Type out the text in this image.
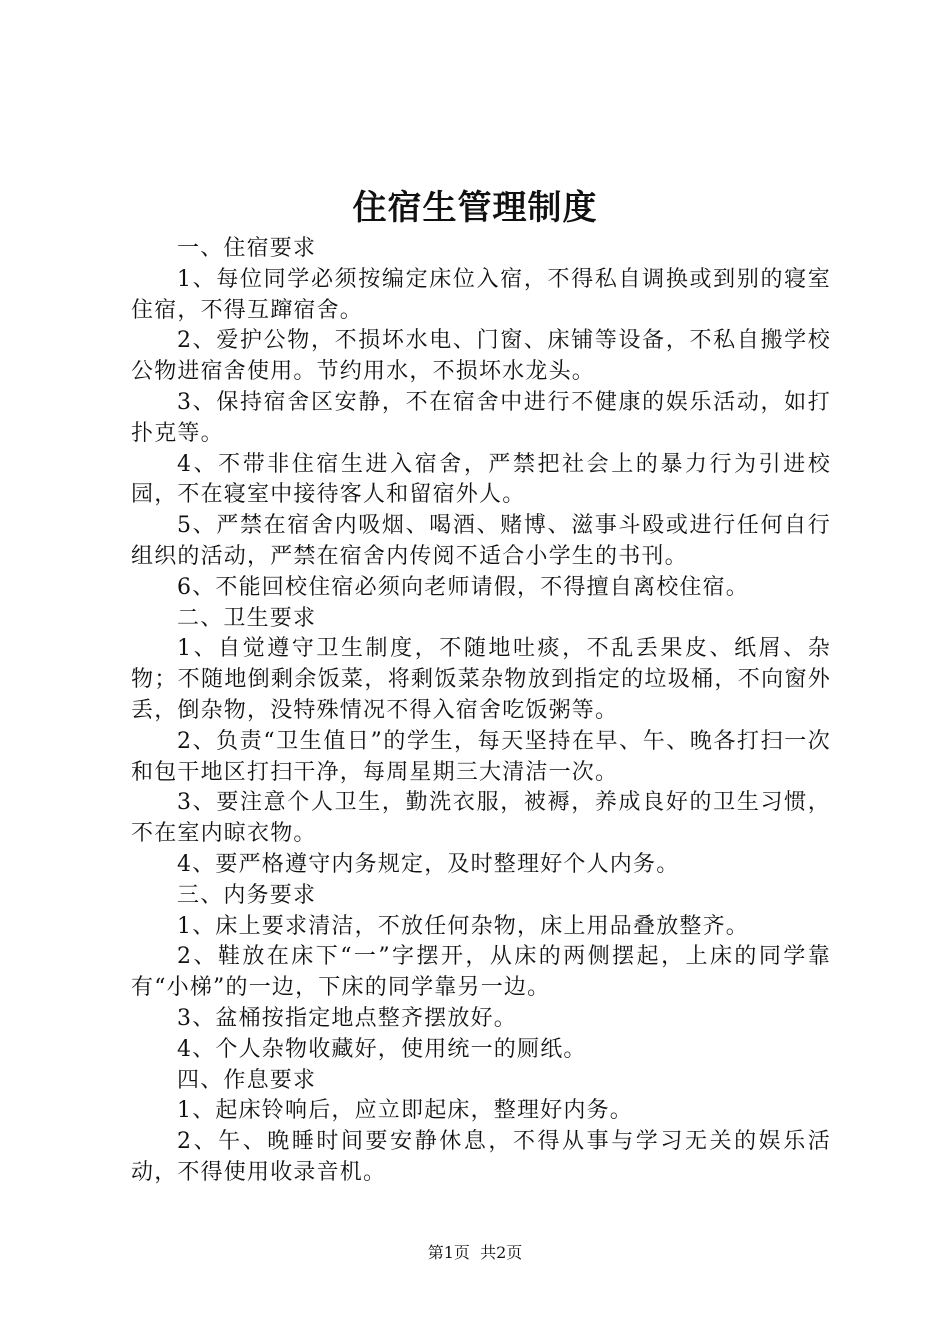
住宿生管理制度

一、住宿要求

1、每位同学必须按编定床位入宿，不得私自调换或到别的寝室住宿，不得互蹿宿舍。

2、爱护公物，不损坏水电、门窗、床铺等设备，不私自搬学校公物进宿舍使用。节约用水，不损坏水龙头。

3、保持宿舍区安静，不在宿舍中进行不健康的娱乐活动，如打扑克等。

4、不带非住宿生进入宿舍，严禁把社会上的暴力行为引进校园，不在寝室中接待客人和留宿外人。

5、严禁在宿舍内吸烟、喝酒、赌博、滋事斗殴或进行任何自行组织的活动，严禁在宿舍内传阅不适合小学生的书刊。

6、不能回校住宿必须向老师请假，不得擅自离校住宿。

二、卫生要求

1、自觉遵守卫生制度，不随地吐痰，不乱丢果皮、纸屑、杂物；不随地倒剩余饭菜，将剩饭菜杂物放到指定的垃圾桶，不向窗外丢，倒杂物，没特殊情况不得入宿舍吃饭粥等。

2、负责“卫生值日”的学生，每天坚持在早、午、晚各打扫一次和包干地区打扫干净，每周星期三大清洁一次。

3、要注意个人卫生，勤洗衣服，被褥，养成良好的卫生习惯，不在室内晾衣物。

4、要严格遵守内务规定，及时整理好个人内务。

三、内务要求

1、床上要求清洁，不放任何杂物，床上用品叠放整齐。

2、鞋放在床下“一”字摆开，从床的两侧摆起，上床的同学靠有“小梯”的一边，下床的同学靠另一边。

3、盆桶按指定地点整齐摆放好。

4、个人杂物收藏好，使用统一的厕纸。

四、作息要求

1、起床铃响后，应立即起床，整理好内务。

2、午、晚睡时间要安静休息，不得从事与学习无关的娱乐活动，不得使用收录音机。

第1页 共2页
